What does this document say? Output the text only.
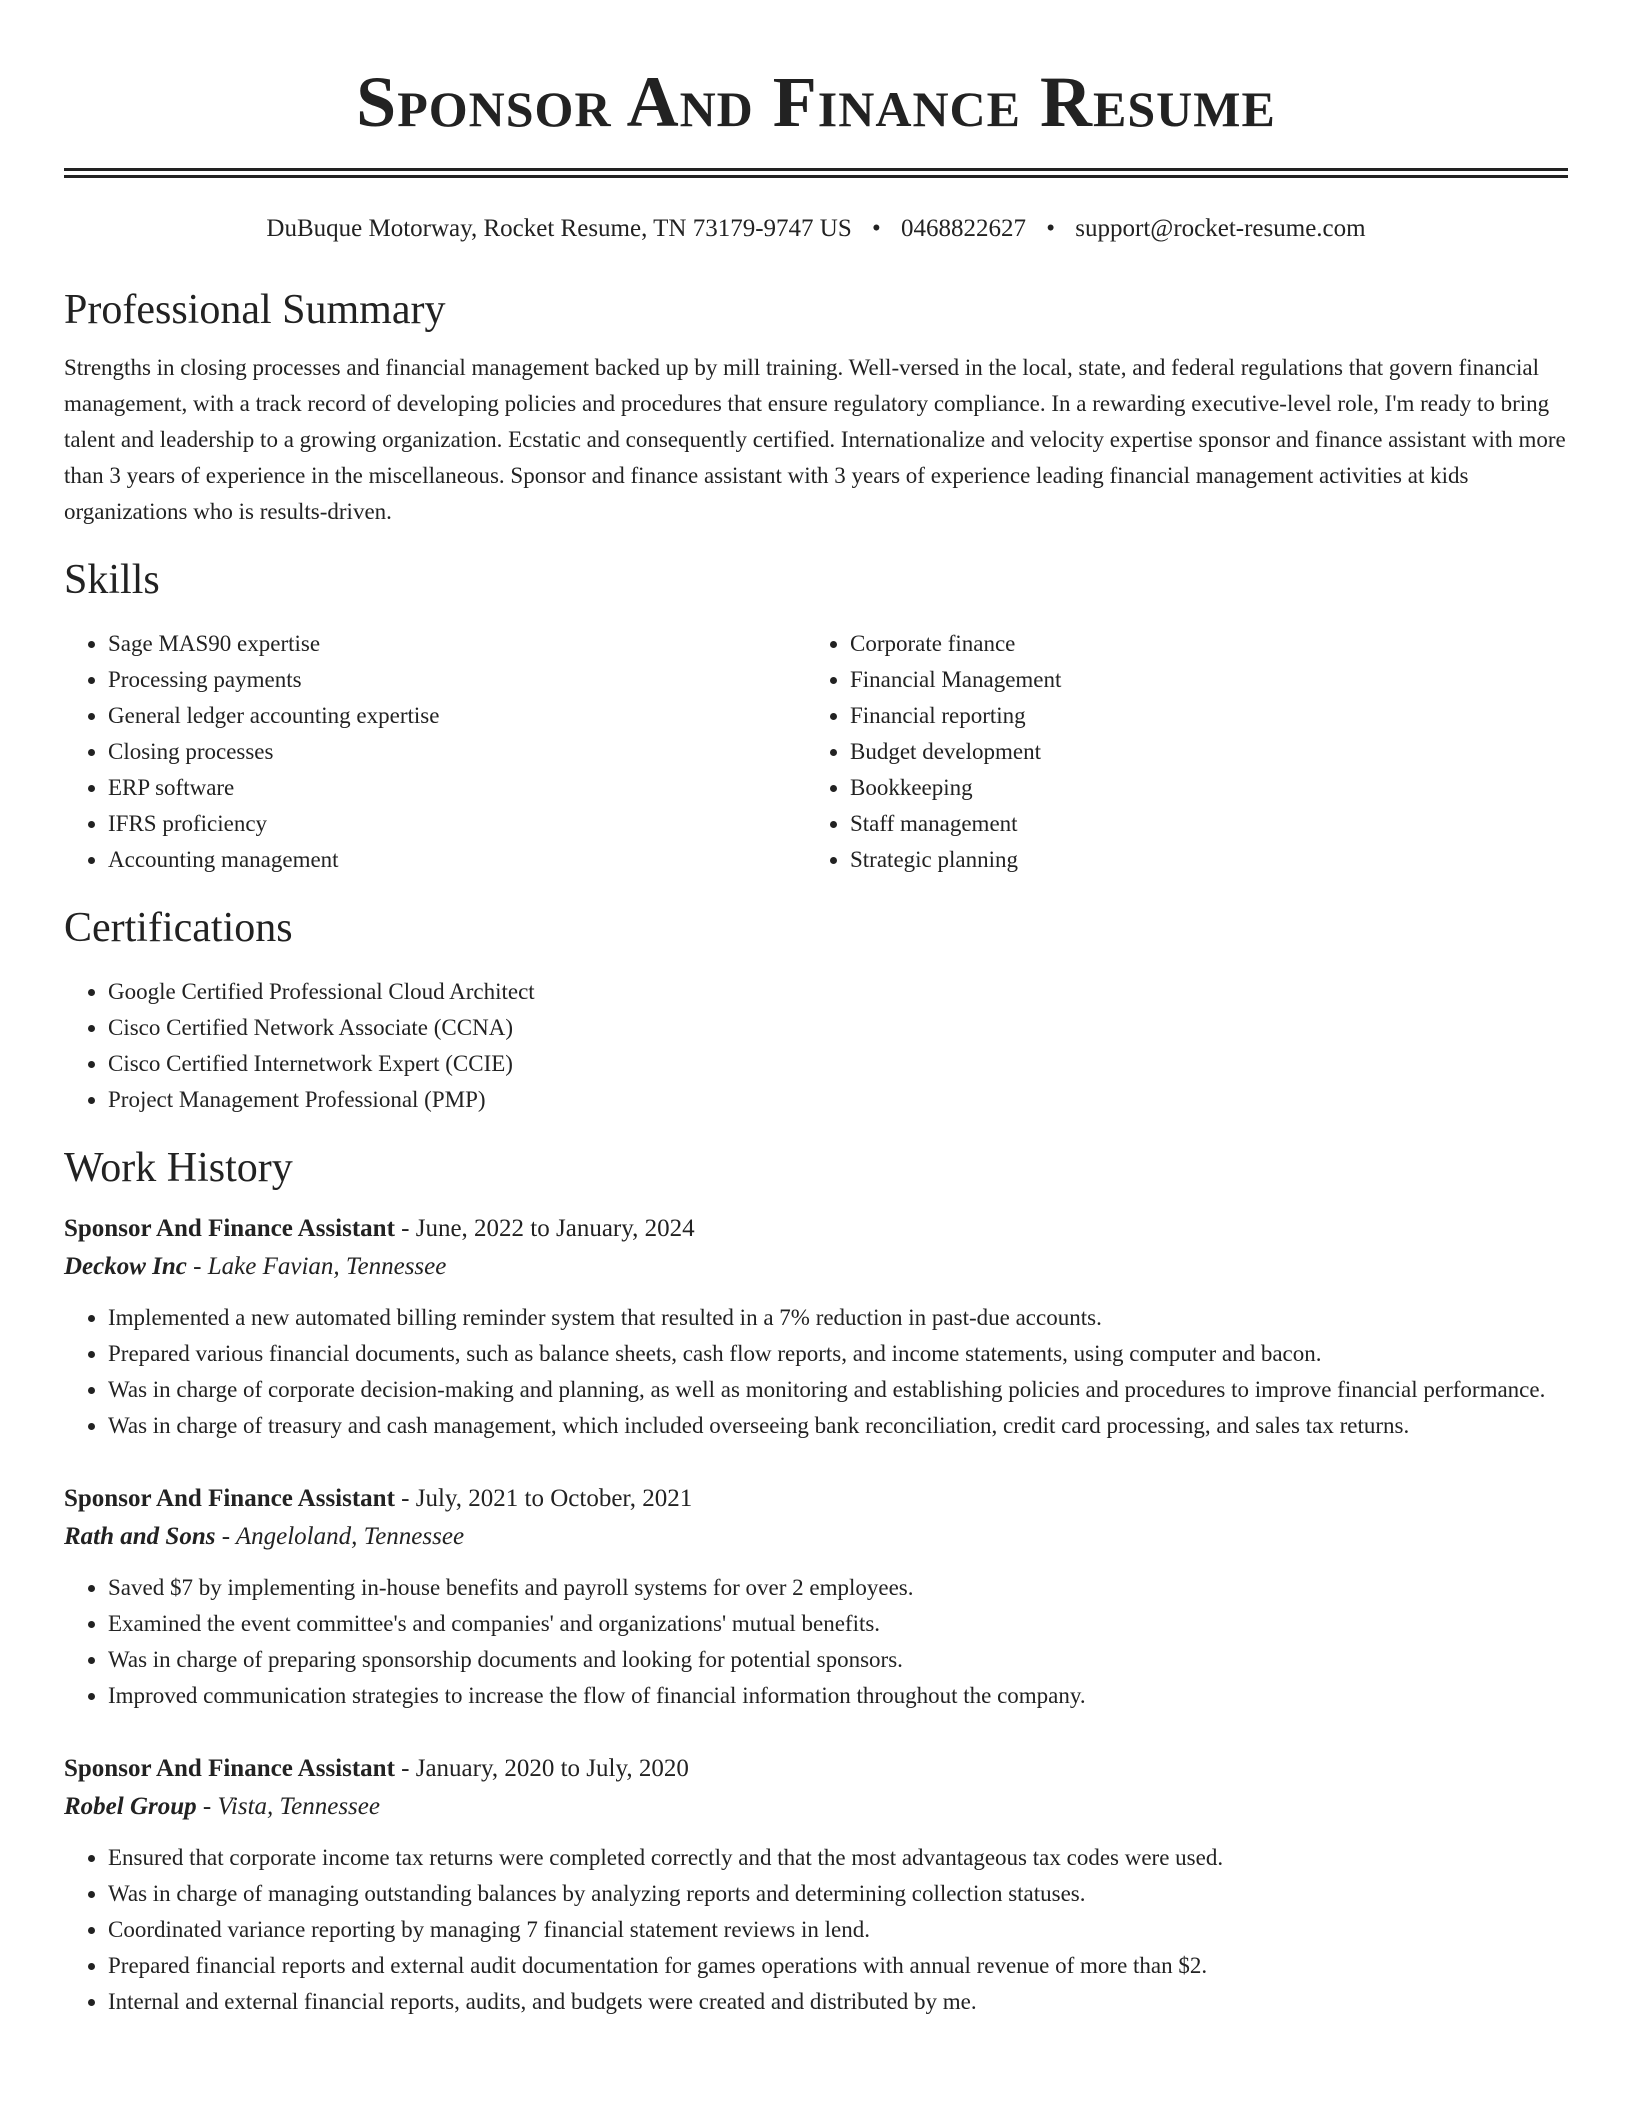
Sponsor And Finance Resume
DuBuque Motorway, Rocket Resume, TN 73179-9747 US • 0468822627 • support@rocket-resume.com
Professional Summary

Strengths in closing processes and financial management backed up by mill training. Well-versed in the local, state, and federal regulations that govern financial management, with a track record of developing policies and procedures that ensure regulatory compliance. In a rewarding executive-level role, I'm ready to bring talent and leadership to a growing organization. Ecstatic and consequently certified. Internationalize and velocity expertise sponsor and finance assistant with more than 3 years of experience in the miscellaneous. Sponsor and finance assistant with 3 years of experience leading financial management activities at kids organizations who is results-driven.

Skills
• Sage MAS90 expertise
• Processing payments
• General ledger accounting expertise
• Closing processes
• ERP software
• IFRS proficiency
• Accounting management
• Corporate finance
• Financial Management
• Financial reporting
• Budget development
• Bookkeeping
• Staff management
• Strategic planning
Certifications
• Google Certified Professional Cloud Architect
• Cisco Certified Network Associate (CCNA)
• Cisco Certified Internetwork Expert (CCIE)
• Project Management Professional (PMP)
Work History
Sponsor And Finance Assistant - June, 2022 to January, 2024
Deckow Inc - Lake Favian, Tennessee
• Implemented a new automated billing reminder system that resulted in a 7% reduction in past-due accounts.
• Prepared various financial documents, such as balance sheets, cash flow reports, and income statements, using computer and bacon.
• Was in charge of corporate decision-making and planning, as well as monitoring and establishing policies and procedures to improve financial performance.
• Was in charge of treasury and cash management, which included overseeing bank reconciliation, credit card processing, and sales tax returns.
Sponsor And Finance Assistant - July, 2021 to October, 2021
Rath and Sons - Angeloland, Tennessee
• Saved $7 by implementing in-house benefits and payroll systems for over 2 employees.
• Examined the event committee's and companies' and organizations' mutual benefits.
• Was in charge of preparing sponsorship documents and looking for potential sponsors.
• Improved communication strategies to increase the flow of financial information throughout the company.
Sponsor And Finance Assistant - January, 2020 to July, 2020
Robel Group - Vista, Tennessee
• Ensured that corporate income tax returns were completed correctly and that the most advantageous tax codes were used.
• Was in charge of managing outstanding balances by analyzing reports and determining collection statuses.
• Coordinated variance reporting by managing 7 financial statement reviews in lend.
• Prepared financial reports and external audit documentation for games operations with annual revenue of more than $2.
• Internal and external financial reports, audits, and budgets were created and distributed by me.
